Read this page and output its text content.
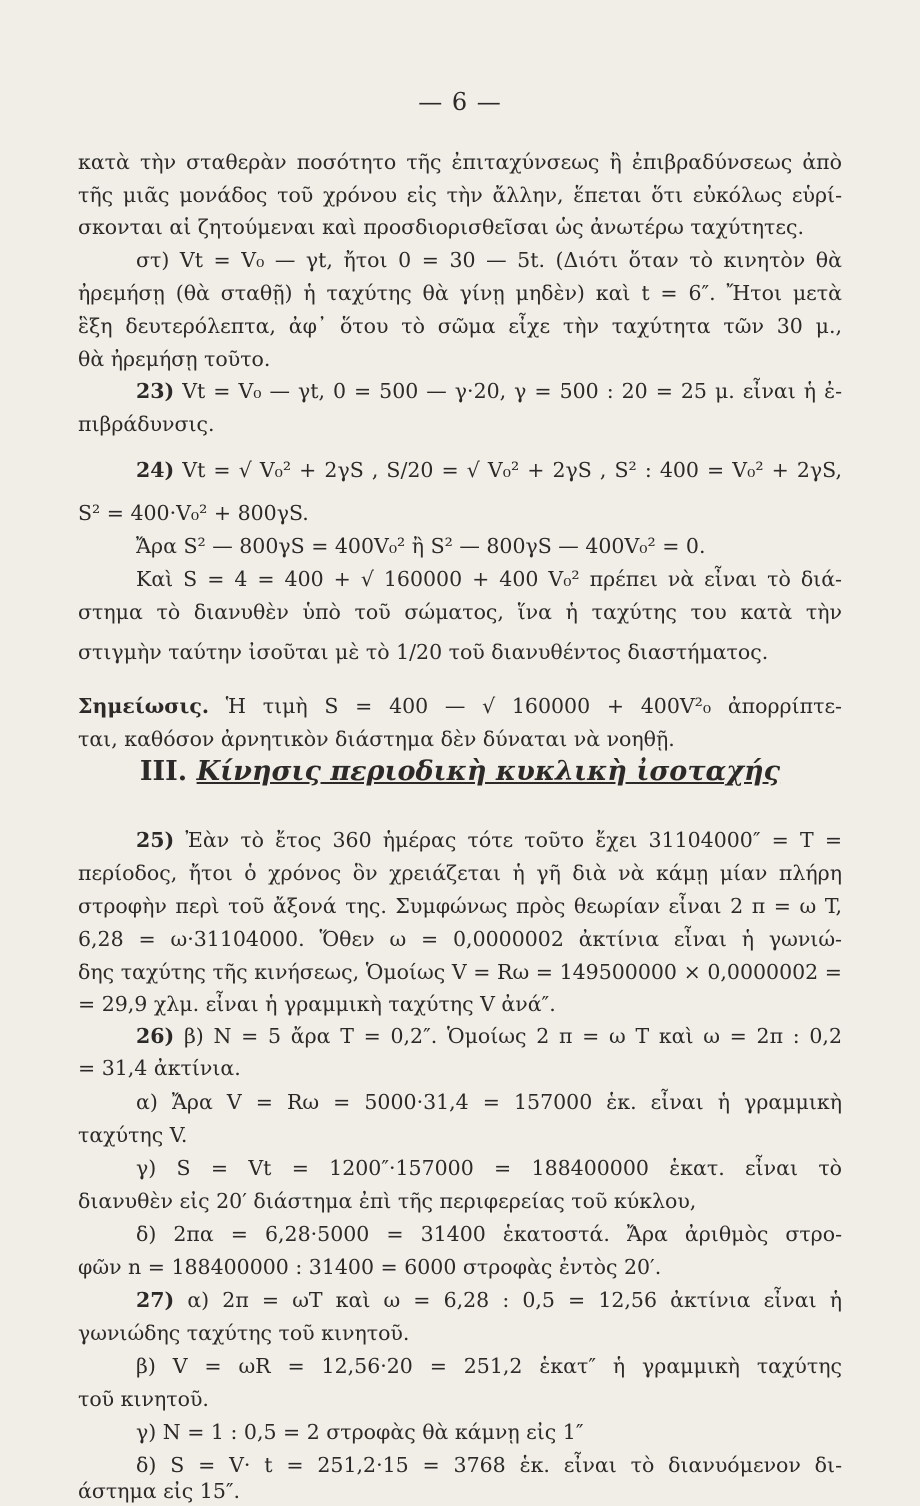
— 6 —
κατὰ τὴν σταθερὰν ποσότητο τῆς ἐπιταχύνσεως ἢ ἐπιβραδύνσεως ἀπὸ
τῆς μιᾶς μονάδος τοῦ χρόνου εἰς τὴν ἄλλην, ἕπεται ὅτι εὐκόλως εὑρί-
σκονται αἱ ζητούμεναι καὶ προσδιορισθεῖσαι ὡς ἀνωτέρω ταχύτητες.
στ) Vt = V₀ — γt, ἤτοι 0 = 30 — 5t. (Διότι ὅταν τὸ κινητὸν θὰ
ἠρεμήσῃ (θὰ σταθῇ) ἡ ταχύτης θὰ γίνῃ μηδὲν) καὶ t = 6″. Ἤτοι μετὰ
ἓξη δευτερόλεπτα, ἀφ᾽ ὅτου τὸ σῶμα εἶχε τὴν ταχύτητα τῶν 30 μ.,
θὰ ἠρεμήσῃ τοῦτο.
23) Vt = V₀ — γt, 0 = 500 — γ·20, γ = 500 : 20 = 25 μ. εἶναι ἡ ἐ-
πιβράδυνσις.
24) Vt = √ V₀² + 2γS , S/20 = √ V₀² + 2γS , S² : 400 = V₀² + 2γS,
S² = 400·V₀² + 800γS.
Ἄρα S² — 800γS = 400V₀² ἢ S² — 800γS — 400V₀² = 0.
Καὶ S = 4 = 400 + √ 160000 + 400 V₀² πρέπει νὰ εἶναι τὸ διά-
στημα τὸ διανυθὲν ὑπὸ τοῦ σώματος, ἵνα ἡ ταχύτης του κατὰ τὴν
στιγμὴν ταύτην ἰσοῦται μὲ τὸ 1/20 τοῦ διανυθέντος διαστήματος.
Σημείωσις. Ἡ τιμὴ S = 400 — √ 160000 + 400V²₀ ἀπορρίπτε-
ται, καθόσον ἀρνητικὸν διάστημα δὲν δύναται νὰ νοηθῇ.
III. Κίνησις περιοδικὴ κυκλικὴ ἰσοταχής
25) Ἐὰν τὸ ἔτος 360 ἡμέρας τότε τοῦτο ἔχει 31104000″ = T =
περίοδος, ἤτοι ὁ χρόνος ὃν χρειάζεται ἡ γῆ διὰ νὰ κάμῃ μίαν πλήρη
στροφὴν περὶ τοῦ ἄξονά της. Συμφώνως πρὸς θεωρίαν εἶναι 2 π = ω T,
6,28 = ω·31104000. Ὅθεν ω = 0,0000002 ἀκτίνια εἶναι ἡ γωνιώ-
δης ταχύτης τῆς κινήσεως, Ὁμοίως V = Rω = 149500000 × 0,0000002 =
= 29,9 χλμ. εἶναι ἡ γραμμικὴ ταχύτης V ἀνά″.
26) β) N = 5 ἄρα T = 0,2″. Ὁμοίως 2 π = ω T καὶ ω = 2π : 0,2
= 31,4 ἀκτίνια.
α) Ἄρα V = Rω = 5000·31,4 = 157000 ἑκ. εἶναι ἡ γραμμικὴ
ταχύτης V.
γ) S = Vt = 1200″·157000 = 188400000 ἑκατ. εἶναι τὸ
διανυθὲν εἰς 20′ διάστημα ἐπὶ τῆς περιφερείας τοῦ κύκλου,
δ) 2πα = 6,28·5000 = 31400 ἑκατοστά. Ἄρα ἀριθμὸς στρο-
φῶν n = 188400000 : 31400 = 6000 στροφὰς ἐντὸς 20′.
27) α) 2π = ωT καὶ ω = 6,28 : 0,5 = 12,56 ἀκτίνια εἶναι ἡ
γωνιώδης ταχύτης τοῦ κινητοῦ.
β) V = ωR = 12,56·20 = 251,2 ἑκατ″ ἡ γραμμικὴ ταχύτης
τοῦ κινητοῦ.
γ) N = 1 : 0,5 = 2 στροφὰς θὰ κάμνῃ εἰς 1″
δ) S = V· t = 251,2·15 = 3768 ἑκ. εἶναι τὸ διανυόμενον δι-
άστημα εἰς 15″.
